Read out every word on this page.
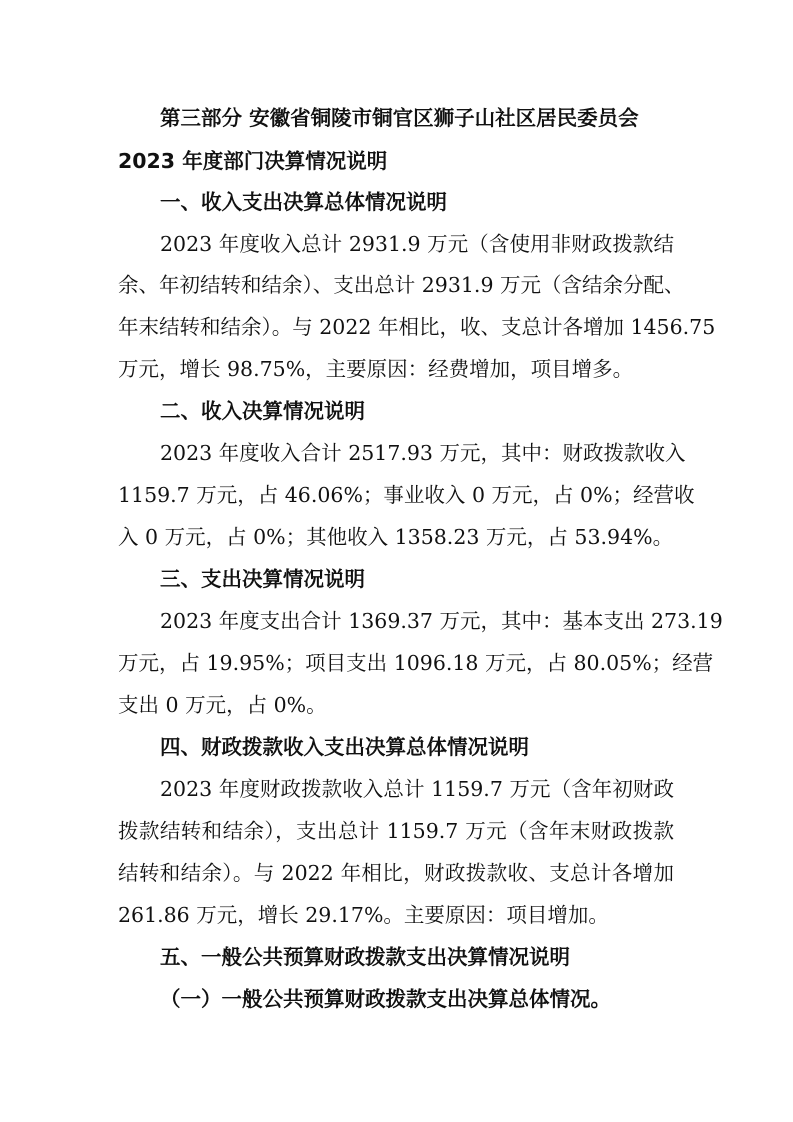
第三部分 安徽省铜陵市铜官区狮子山社区居民委员会
2023 年度部门决算情况说明
一、收入支出决算总体情况说明
2023 年度收入总计 2931.9 万元（含使用非财政拨款结
余、年初结转和结余）、支出总计 2931.9 万元（含结余分配、
年末结转和结余）。与 2022 年相比，收、支总计各增加 1456.75
万元，增长 98.75%，主要原因：经费增加，项目增多。
二、收入决算情况说明
2023 年度收入合计 2517.93 万元，其中：财政拨款收入
1159.7 万元，占 46.06%；事业收入 0 万元，占 0%；经营收
入 0 万元，占 0%；其他收入 1358.23 万元，占 53.94%。
三、支出决算情况说明
2023 年度支出合计 1369.37 万元，其中：基本支出 273.19
万元，占 19.95%；项目支出 1096.18 万元，占 80.05%；经营
支出 0 万元，占 0%。
四、财政拨款收入支出决算总体情况说明
2023 年度财政拨款收入总计 1159.7 万元（含年初财政
拨款结转和结余），支出总计 1159.7 万元（含年末财政拨款
结转和结余）。与 2022 年相比，财政拨款收、支总计各增加
261.86 万元，增长 29.17%。主要原因：项目增加。
五、一般公共预算财政拨款支出决算情况说明
（一）一般公共预算财政拨款支出决算总体情况。
